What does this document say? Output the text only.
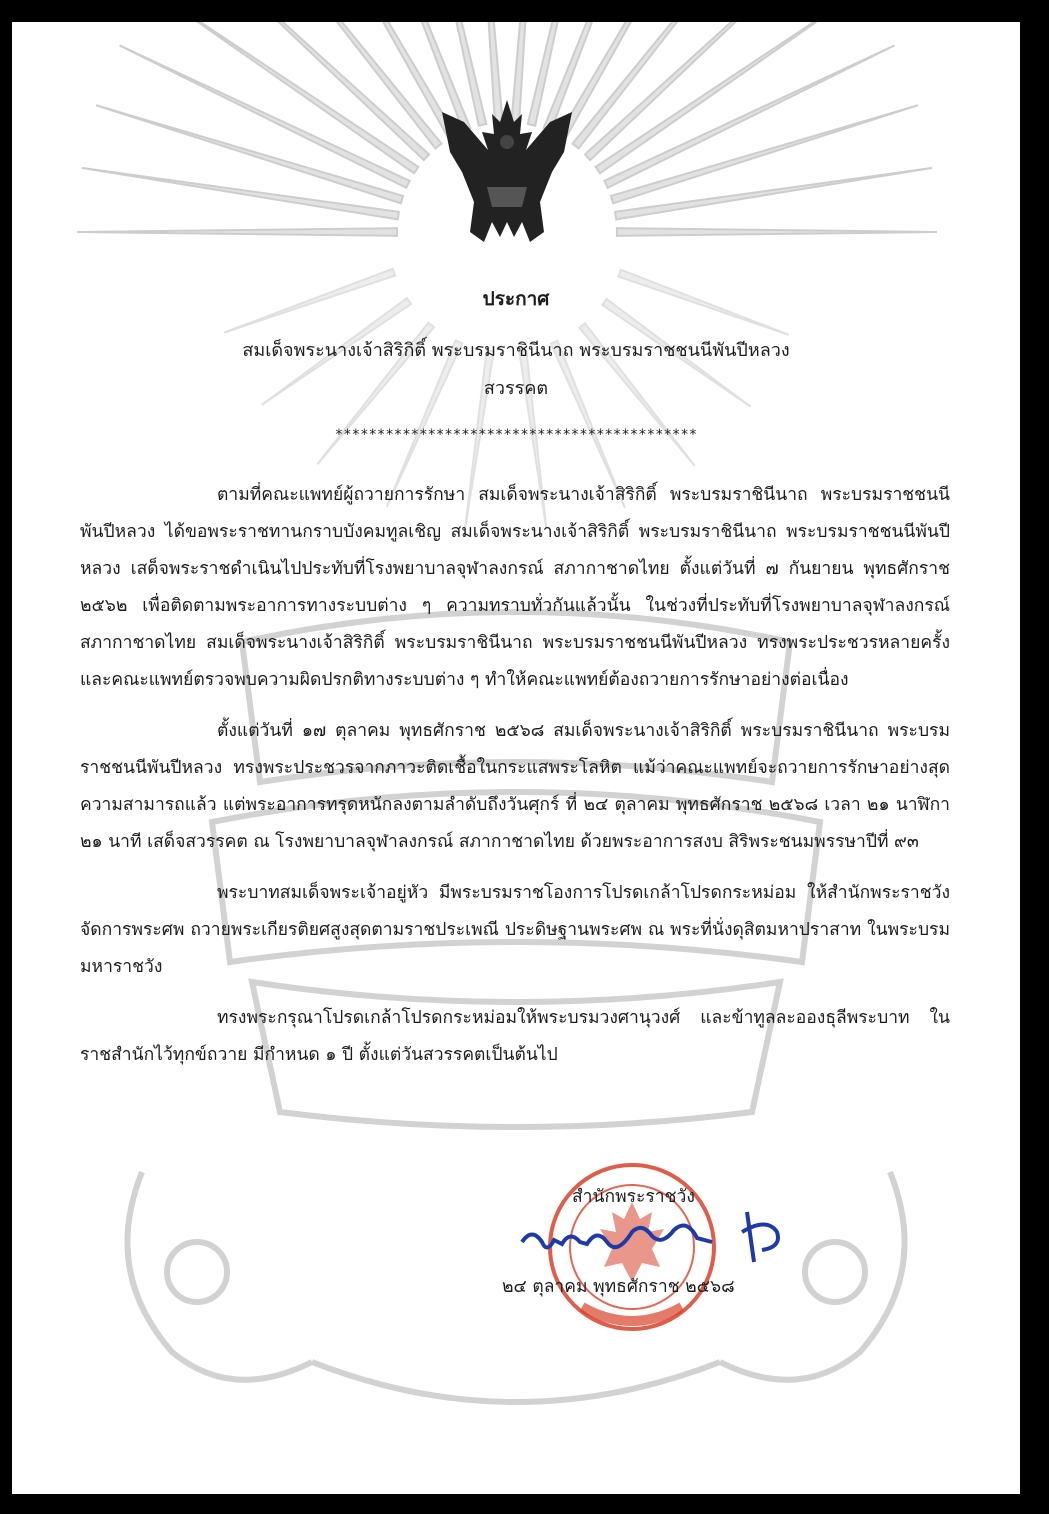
ประกาศ
สมเด็จพระนางเจ้าสิริกิติ์ พระบรมราชินีนาถ พระบรมราชชนนีพันปีหลวง
สวรรคต
*******************************************

ตามที่คณะแพทย์ผู้ถวายการรักษา สมเด็จพระนางเจ้าสิริกิติ์ พระบรมราชินีนาถ พระบรมราชชนนีพันปีหลวง ได้ขอพระราชทานกราบบังคมทูลเชิญ สมเด็จพระนางเจ้าสิริกิติ์ พระบรมราชินีนาถ พระบรมราชชนนีพันปีหลวง เสด็จพระราชดำเนินไปประทับที่โรงพยาบาลจุฬาลงกรณ์ สภากาชาดไทย ตั้งแต่วันที่ ๗ กันยายน พุทธศักราช ๒๕๖๒ เพื่อติดตามพระอาการทางระบบต่าง ๆ ความทราบทั่วกันแล้วนั้น ในช่วงที่ประทับที่โรงพยาบาลจุฬาลงกรณ์ สภากาชาดไทย สมเด็จพระนางเจ้าสิริกิติ์ พระบรมราชินีนาถ พระบรมราชชนนีพันปีหลวง ทรงพระประชวรหลายครั้ง และคณะแพทย์ตรวจพบความผิดปรกติทางระบบต่าง ๆ ทำให้คณะแพทย์ต้องถวายการรักษาอย่างต่อเนื่อง

ตั้งแต่วันที่ ๑๗ ตุลาคม พุทธศักราช ๒๕๖๘ สมเด็จพระนางเจ้าสิริกิติ์ พระบรมราชินีนาถ พระบรมราชชนนีพันปีหลวง ทรงพระประชวรจากภาวะติดเชื้อในกระแสพระโลหิต แม้ว่าคณะแพทย์จะถวายการรักษาอย่างสุดความสามารถแล้ว แต่พระอาการทรุดหนักลงตามลำดับถึงวันศุกร์ ที่ ๒๔ ตุลาคม พุทธศักราช ๒๕๖๘ เวลา ๒๑ นาฬิกา ๒๑ นาที เสด็จสวรรคต ณ โรงพยาบาลจุฬาลงกรณ์ สภากาชาดไทย ด้วยพระอาการสงบ สิริพระชนมพรรษาปีที่ ๙๓

พระบาทสมเด็จพระเจ้าอยู่หัว มีพระบรมราชโองการโปรดเกล้าโปรดกระหม่อม ให้สำนักพระราชวัง จัดการพระศพ ถวายพระเกียรติยศสูงสุดตามราชประเพณี ประดิษฐานพระศพ ณ พระที่นั่งดุสิตมหาปราสาท ในพระบรมมหาราชวัง

ทรงพระกรุณาโปรดเกล้าโปรดกระหม่อมให้พระบรมวงศานุวงศ์ และข้าทูลละอองธุลีพระบาท ในราชสำนักไว้ทุกข์ถวาย มีกำหนด ๑ ปี ตั้งแต่วันสวรรคตเป็นต้นไป

สำนักพระราชวัง
๒๔ ตุลาคม พุทธศักราช ๒๕๖๘
